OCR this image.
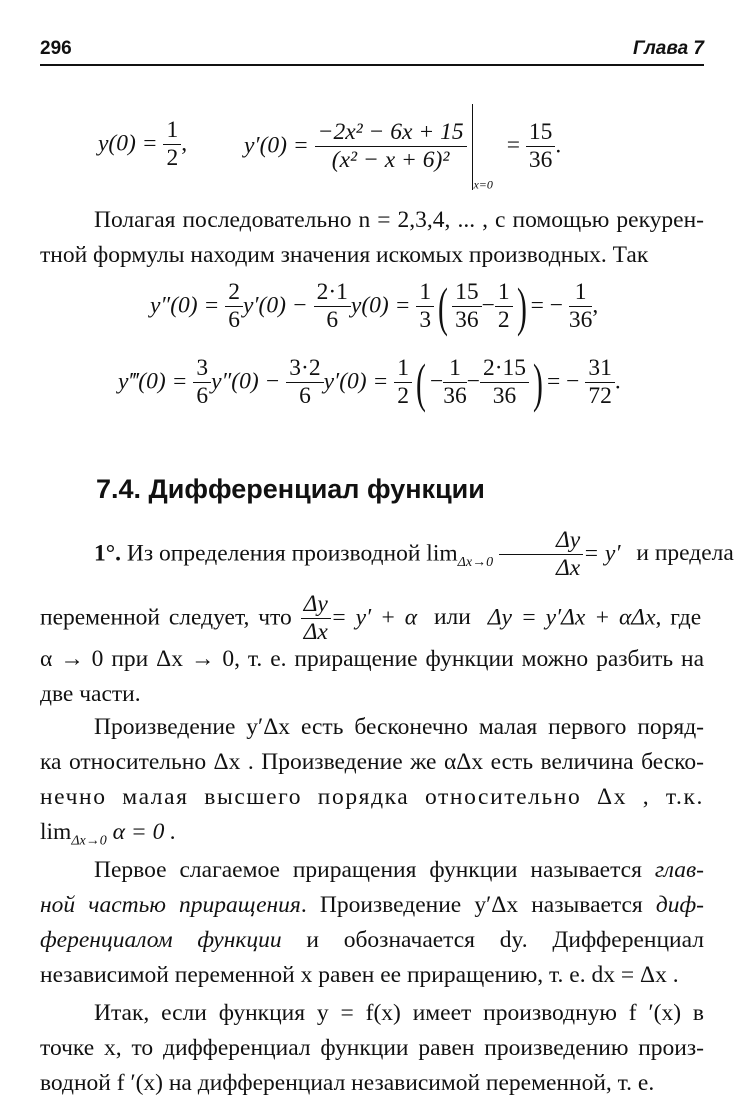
296	Глава 7
$y(0) = \frac{1}{2}$ , $y'(0) = \frac{\text{−2x² − 6x + 15}}{\text{(x² − x + 6)²}}$
$_{x=0} = \frac{15}{36}$ .
Полагая последовательно n = 2,3,4, ... , с помощью рекурен-
тной формулы находим значения искомых производных. Так
$y''(0) = \frac{2}{6} y'(0) - \frac{2\cdot 1}{6} y(0) = \frac{1}{3}$ ( $\frac{15}{36} - \frac{1}{2}$ ) = − $\frac{1}{36}$ ,
y‴(0) = $\frac{3}{6} y''(0) - \frac{3\cdot 2}{6} y'(0) = \frac{1}{2}$ ( − $\frac{1}{36} - \frac{2\cdot 15}{36}$ ) = − $\frac{31}{72}$ .
7.4. Дифференциал функции
1°. Из определения производной $\lim_{\Delta x\to 0} \frac{\Delta y}{\Delta x} = y'$ и предела
переменной следует, что $\frac{\Delta y}{\Delta x} = y' + \alpha$ или Δy = y′Δx + αΔx, где
α → 0 при Δx → 0, т. е. приращение функции можно разбить на
две части.
Произведение y′Δx есть бесконечно малая первого поряд-
ка относительно Δx . Произведение же αΔx есть величина беско-
нечно малая высшего порядка относительно Δx , т.к.
$\lim_{\Delta x\to 0} \alpha = 0$ .
Первое слагаемое приращения функции называется глав-
ной частью приращения. Произведение y′Δx называется диф-
ференциалом функции и обозначается dy. Дифференциал
независимой переменной x равен ее приращению, т. е. dx = Δx .
Итак, если функция y = f(x) имеет производную f ′(x) в
точке x, то дифференциал функции равен произведению произ-
водной f ′(x) на дифференциал независимой переменной, т. е.
